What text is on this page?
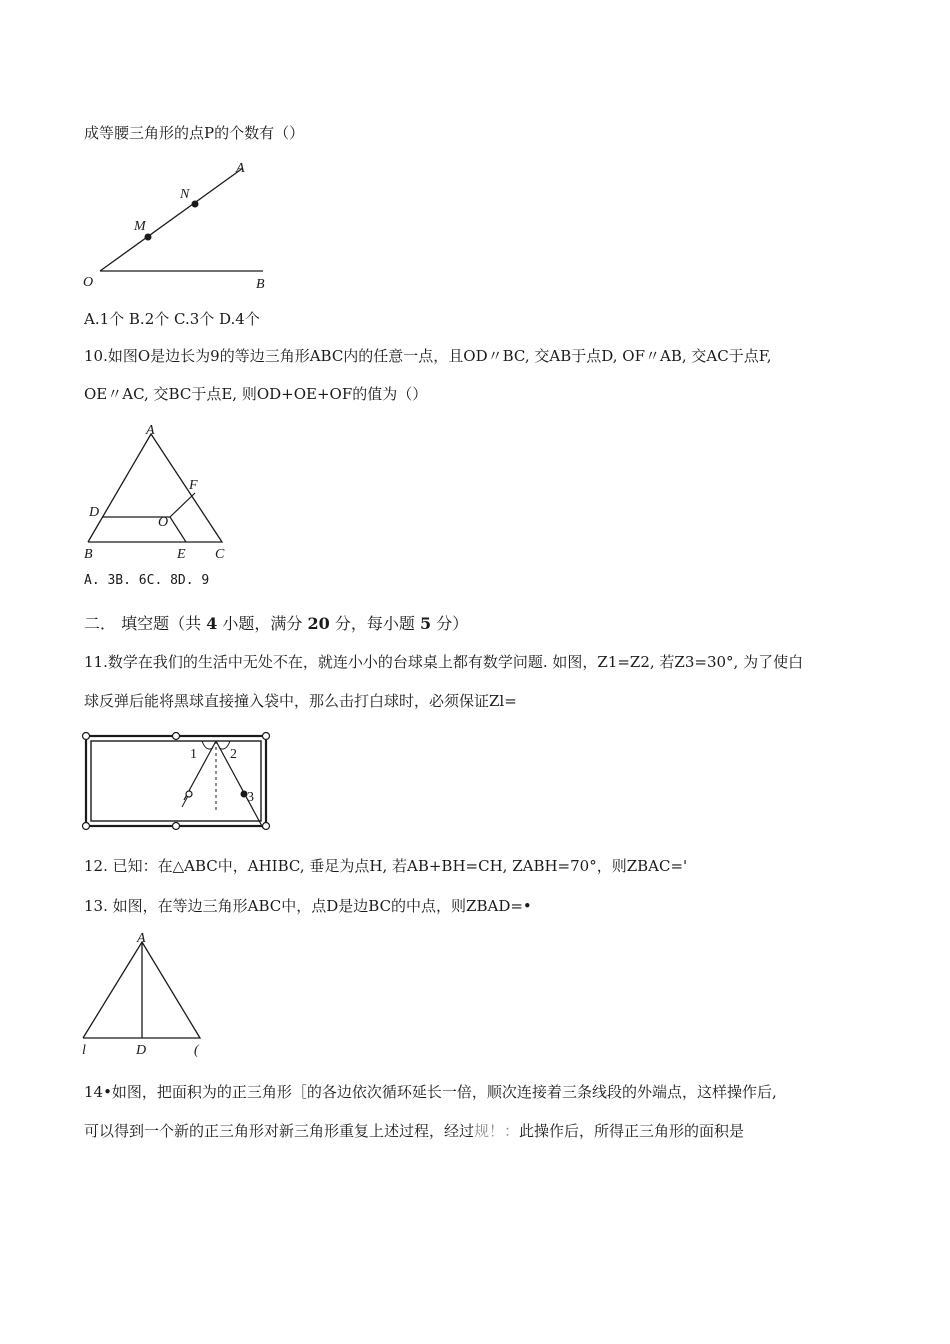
成等腰三角形的点P的个数有（）
A
N
M
O	B
A.1个 B.2个 C.3个 D.4个
10.如图O是边长为9的等边三角形ABC内的任意一点，且OD〃BC, 交AB于点D, OF〃AB, 交AC于点F,
OE〃AC, 交BC于点E, 则OD+OE+OF的值为（）
A
F
D
O
B	E C
A. 3B. 6C. 8D. 9
二． 填空题（共 4 小题，满分 20 分，每小题 5 分）
11.数学在我们的生活中无处不在，就连小小的台球桌上都有数学问题. 如图，Z1=Z2, 若Z3=30°, 为了使白
球反弹后能将黑球直接撞入袋中，那么击打白球时，必须保证Zl=
1 2
3
12. 已知：在△ABC中，AHΙBC, 垂足为点H, 若AB+BH=CH, ZABH=70°，则ZBAC='
13. 如图，在等边三角形ABC中，点D是边BC的中点，则ZBAD=•
A
l	D	(
14•如图，把面积为的正三角形［的各边依次循环延长一倍，顺次连接着三条线段的外端点，这样操作后,
可以得到一个新的正三角形对新三角形重复上述过程，经过规！：此操作后，所得正三角形的面积是
